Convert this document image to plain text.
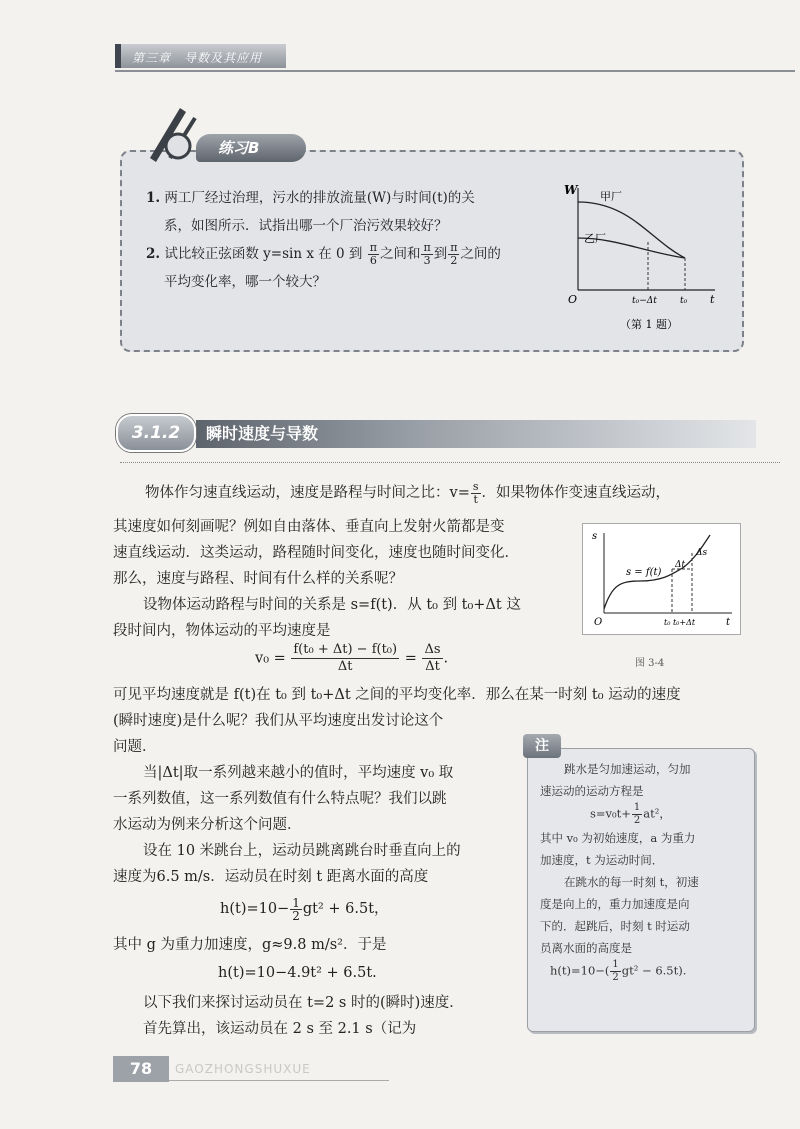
第三章　导数及其应用
练习B
1. 两工厂经过治理，污水的排放流量(W)与时间(t)的关
系，如图所示．试指出哪一个厂治污效果较好？
2. 试比较正弦函数 y=sin x 在 0 到 $\frac{\pi}{6}$ 之间和 $\frac{\pi}{3}$ 到 $\frac{\pi}{2}$ 之间的
平均变化率，哪一个较大？
W
t
O
甲厂
乙厂
t₀−Δt	t₀
（第 1 题）
瞬时速度与导数
3.1.2
物体作匀速直线运动，速度是路程与时间之比：$v= \frac{s}{t}$ ．如果物体作变速直线运动，
其速度如何刻画呢？例如自由落体、垂直向上发射火箭都是变
速直线运动．这类运动，路程随时间变化，速度也随时间变化．
那么，速度与路程、时间有什么样的关系呢？
设物体运动路程与时间的关系是 s=f(t)．从 t₀ 到 t₀+Δt 这
段时间内，物体运动的平均速度是
$v_0 = \frac{\text{f(t₀ + Δt) − f(t₀)}}{\Delta t} = \frac{\Delta s}{\Delta t}$ .
s
t
O
s = f(t)
Δs
Δt
t₀ t₀+Δt
图 3-4
可见平均速度就是 f(t)在 t₀ 到 t₀+Δt 之间的平均变化率．那么在某一时刻 t₀ 运动的速度
(瞬时速度)是什么呢？我们从平均速度出发讨论这个
问题．
当|Δt|取一系列越来越小的值时，平均速度 v₀ 取
一系列数值，这一系列数值有什么特点呢？我们以跳
水运动为例来分析这个问题．
设在 10 米跳台上，运动员跳离跳台时垂直向上的
速度为6.5 m/s．运动员在时刻 t 距离水面的高度
$h(t)=10- \frac{1}{2} gt^2 + 6.5t$，
其中 g 为重力加速度，g≈9.8 m/s²．于是
h(t)=10−4.9t² + 6.5t.
以下我们来探讨运动员在 t=2 s 时的(瞬时)速度．
首先算出，该运动员在 2 s 至 2.1 s（记为
注
跳水是匀加速运动，匀加
速运动的运动方程是
$s=v_0t+ \frac{1}{2} at^2$，
其中 v₀ 为初始速度，a 为重力
加速度，t 为运动时间．
在跳水的每一时刻 t，初速
度是向上的，重力加速度是向
下的．起跳后，时刻 t 时运动
员离水面的高度是
$h(t)=10-( \frac{1}{2} gt^2 - 6.5t)$.
78	GAOZHONGSHUXUE
